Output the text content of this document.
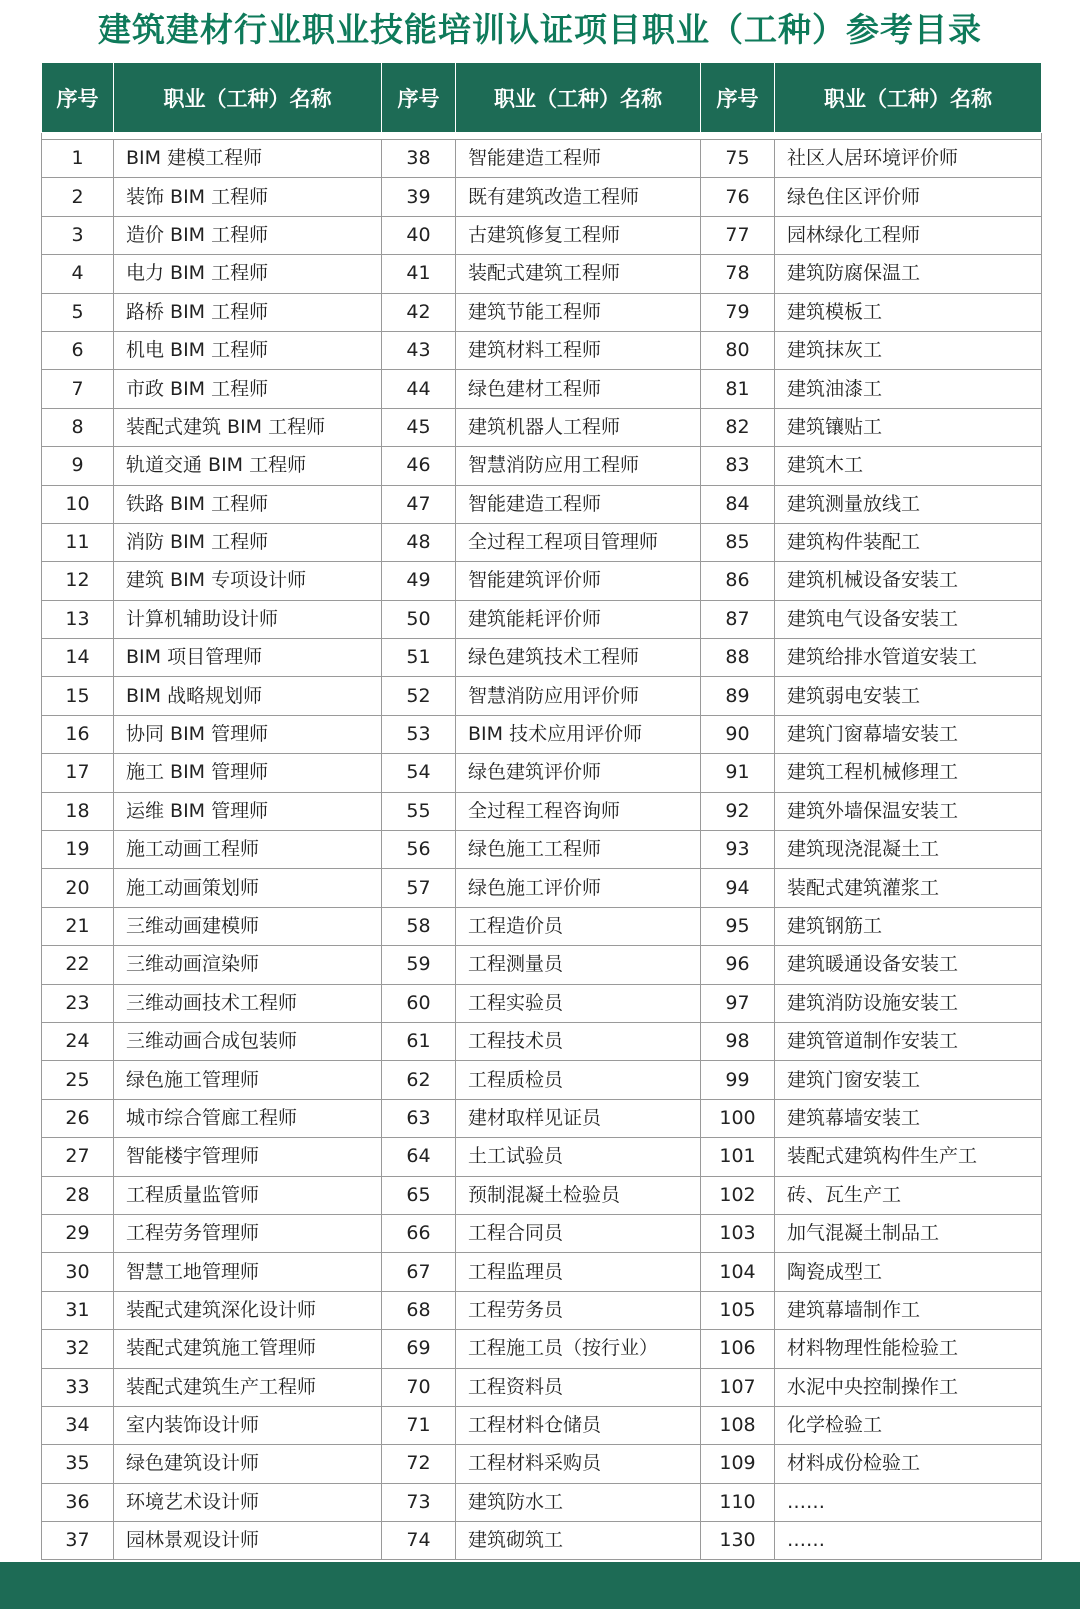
建筑建材行业职业技能培训认证项目职业（工种）参考目录
序号	职业（工种）名称	序号	职业（工种）名称	序号	职业（工种）名称

1	BIM 建模工程师	38	智能建造工程师	75	社区人居环境评价师
2	装饰 BIM 工程师	39	既有建筑改造工程师	76	绿色住区评价师
3	造价 BIM 工程师	40	古建筑修复工程师	77	园林绿化工程师
4	电力 BIM 工程师	41	装配式建筑工程师	78	建筑防腐保温工
5	路桥 BIM 工程师	42	建筑节能工程师	79	建筑模板工
6	机电 BIM 工程师	43	建筑材料工程师	80	建筑抹灰工
7	市政 BIM 工程师	44	绿色建材工程师	81	建筑油漆工
8	装配式建筑 BIM 工程师	45	建筑机器人工程师	82	建筑镶贴工
9	轨道交通 BIM 工程师	46	智慧消防应用工程师	83	建筑木工
10	铁路 BIM 工程师	47	智能建造工程师	84	建筑测量放线工
11	消防 BIM 工程师	48	全过程工程项目管理师	85	建筑构件装配工
12	建筑 BIM 专项设计师	49	智能建筑评价师	86	建筑机械设备安装工
13	计算机辅助设计师	50	建筑能耗评价师	87	建筑电气设备安装工
14	BIM 项目管理师	51	绿色建筑技术工程师	88	建筑给排水管道安装工
15	BIM 战略规划师	52	智慧消防应用评价师	89	建筑弱电安装工
16	协同 BIM 管理师	53	BIM 技术应用评价师	90	建筑门窗幕墙安装工
17	施工 BIM 管理师	54	绿色建筑评价师	91	建筑工程机械修理工
18	运维 BIM 管理师	55	全过程工程咨询师	92	建筑外墙保温安装工
19	施工动画工程师	56	绿色施工工程师	93	建筑现浇混凝土工
20	施工动画策划师	57	绿色施工评价师	94	装配式建筑灌浆工
21	三维动画建模师	58	工程造价员	95	建筑钢筋工
22	三维动画渲染师	59	工程测量员	96	建筑暖通设备安装工
23	三维动画技术工程师	60	工程实验员	97	建筑消防设施安装工
24	三维动画合成包装师	61	工程技术员	98	建筑管道制作安装工
25	绿色施工管理师	62	工程质检员	99	建筑门窗安装工
26	城市综合管廊工程师	63	建材取样见证员	100	建筑幕墙安装工
27	智能楼宇管理师	64	土工试验员	101	装配式建筑构件生产工
28	工程质量监管师	65	预制混凝土检验员	102	砖、瓦生产工
29	工程劳务管理师	66	工程合同员	103	加气混凝土制品工
30	智慧工地管理师	67	工程监理员	104	陶瓷成型工
31	装配式建筑深化设计师	68	工程劳务员	105	建筑幕墙制作工
32	装配式建筑施工管理师	69	工程施工员（按行业）	106	材料物理性能检验工
33	装配式建筑生产工程师	70	工程资料员	107	水泥中央控制操作工
34	室内装饰设计师	71	工程材料仓储员	108	化学检验工
35	绿色建筑设计师	72	工程材料采购员	109	材料成份检验工
36	环境艺术设计师	73	建筑防水工	110	……
37	园林景观设计师	74	建筑砌筑工	130	……
